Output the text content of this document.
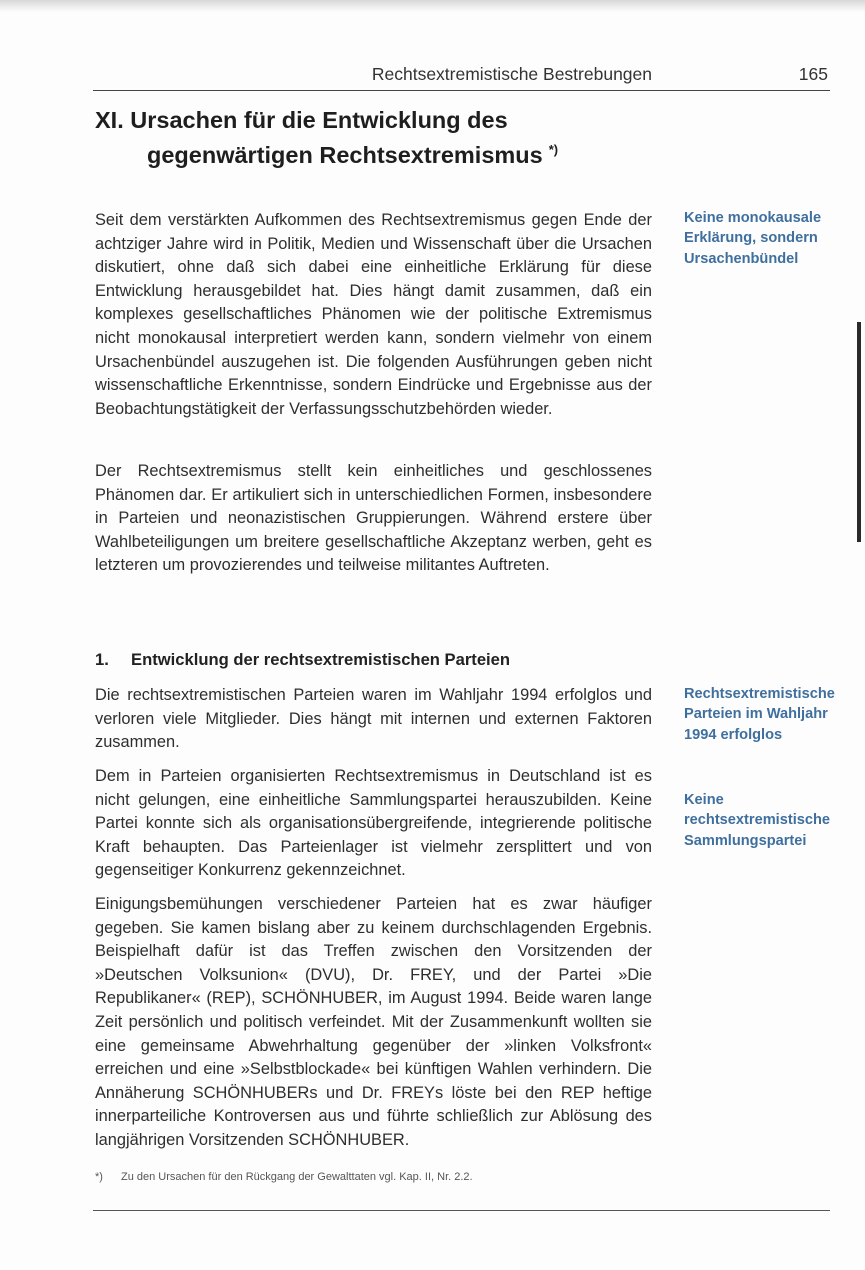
Rechtsextremistische Bestrebungen	165
XI. Ursachen für die Entwicklung des
gegenwärtigen Rechtsextremismus *)

Seit dem verstärkten Aufkommen des Rechtsextremismus gegen Ende der achtziger Jahre wird in Politik, Medien und Wissenschaft über die Ursachen diskutiert, ohne daß sich dabei eine einheitliche Erklärung für diese Entwicklung herausgebildet hat. Dies hängt damit zusammen, daß ein komplexes gesellschaftliches Phänomen wie der politische Extremismus nicht monokausal interpretiert werden kann, sondern vielmehr von einem Ursachenbündel auszugehen ist. Die folgenden Ausführungen geben nicht wissenschaftliche Erkenntnisse, sondern Eindrücke und Ergebnisse aus der Beobachtungstätigkeit der Verfassungsschutzbehörden wieder.

Der Rechtsextremismus stellt kein einheitliches und geschlossenes Phänomen dar. Er artikuliert sich in unterschiedlichen Formen, insbesondere in Parteien und neonazistischen Gruppierungen. Während erstere über Wahlbeteiligungen um breitere gesellschaftliche Akzeptanz werben, geht es letzteren um provozierendes und teilweise militantes Auftreten.

1. Entwicklung der rechtsextremistischen Parteien

Die rechtsextremistischen Parteien waren im Wahljahr 1994 erfolglos und verloren viele Mitglieder. Dies hängt mit internen und externen Faktoren zusammen.

Dem in Parteien organisierten Rechtsextremismus in Deutschland ist es nicht gelungen, eine einheitliche Sammlungspartei herauszubilden. Keine Partei konnte sich als organisationsübergreifende, integrierende politische Kraft behaupten. Das Parteienlager ist vielmehr zersplittert und von gegenseitiger Konkurrenz gekennzeichnet.

Einigungsbemühungen verschiedener Parteien hat es zwar häufiger gegeben. Sie kamen bislang aber zu keinem durchschlagenden Ergebnis. Beispielhaft dafür ist das Treffen zwischen den Vorsitzenden der »Deutschen Volksunion« (DVU), Dr. FREY, und der Partei »Die Republikaner« (REP), SCHÖNHUBER, im August 1994. Beide waren lange Zeit persönlich und politisch verfeindet. Mit der Zusammenkunft wollten sie eine gemeinsame Abwehrhaltung gegenüber der »linken Volksfront« erreichen und eine »Selbstblockade« bei künftigen Wahlen verhindern. Die Annäherung SCHÖNHUBERs und Dr. FREYs löste bei den REP heftige innerparteiliche Kontroversen aus und führte schließlich zur Ablösung des langjährigen Vorsitzenden SCHÖNHUBER.

Keine monokausale Erklärung, sondern Ursachenbündel
Rechtsextremistische Parteien im Wahljahr 1994 erfolglos
Keine rechtsextremistische Sammlungspartei
*) Zu den Ursachen für den Rückgang der Gewalttaten vgl. Kap. II, Nr. 2.2.
